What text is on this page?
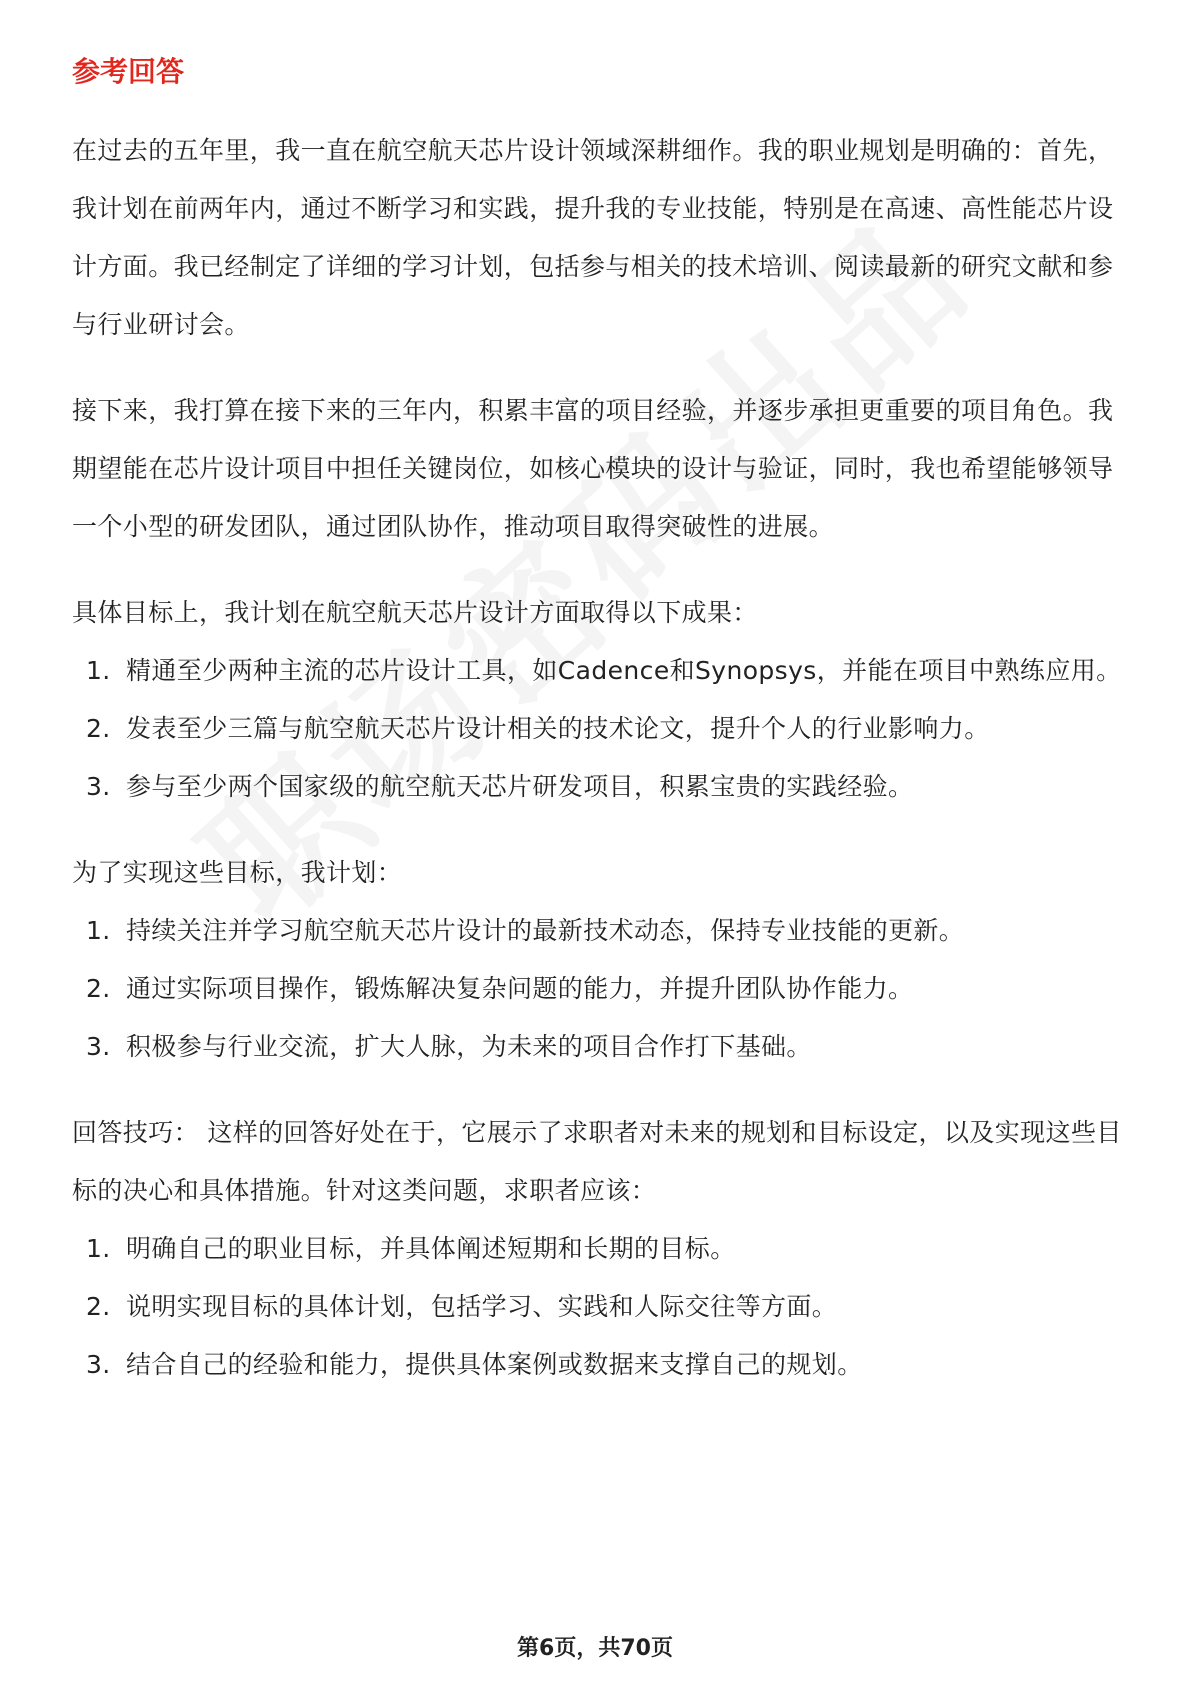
参考回答

在过去的五年里，我一直在航空航天芯片设计领域深耕细作。我的职业规划是明确的：首先，我计划在前两年内，通过不断学习和实践，提升我的专业技能，特别是在高速、高性能芯片设计方面。我已经制定了详细的学习计划，包括参与相关的技术培训、阅读最新的研究文献和参与行业研讨会。

接下来，我打算在接下来的三年内，积累丰富的项目经验，并逐步承担更重要的项目角色。我期望能在芯片设计项目中担任关键岗位，如核心模块的设计与验证，同时，我也希望能够领导一个小型的研发团队，通过团队协作，推动项目取得突破性的进展。

具体目标上，我计划在航空航天芯片设计方面取得以下成果：

1. 精通至少两种主流的芯片设计工具，如Cadence和Synopsys，并能在项目中熟练应用。
2. 发表至少三篇与航空航天芯片设计相关的技术论文，提升个人的行业影响力。
3. 参与至少两个国家级的航空航天芯片研发项目，积累宝贵的实践经验。

为了实现这些目标，我计划：

1. 持续关注并学习航空航天芯片设计的最新技术动态，保持专业技能的更新。
2. 通过实际项目操作，锻炼解决复杂问题的能力，并提升团队协作能力。
3. 积极参与行业交流，扩大人脉，为未来的项目合作打下基础。

回答技巧： 这样的回答好处在于，它展示了求职者对未来的规划和目标设定，以及实现这些目标的决心和具体措施。针对这类问题，求职者应该：

1. 明确自己的职业目标，并具体阐述短期和长期的目标。
2. 说明实现目标的具体计划，包括学习、实践和人际交往等方面。
3. 结合自己的经验和能力，提供具体案例或数据来支撑自己的规划。
第6页，共70页
